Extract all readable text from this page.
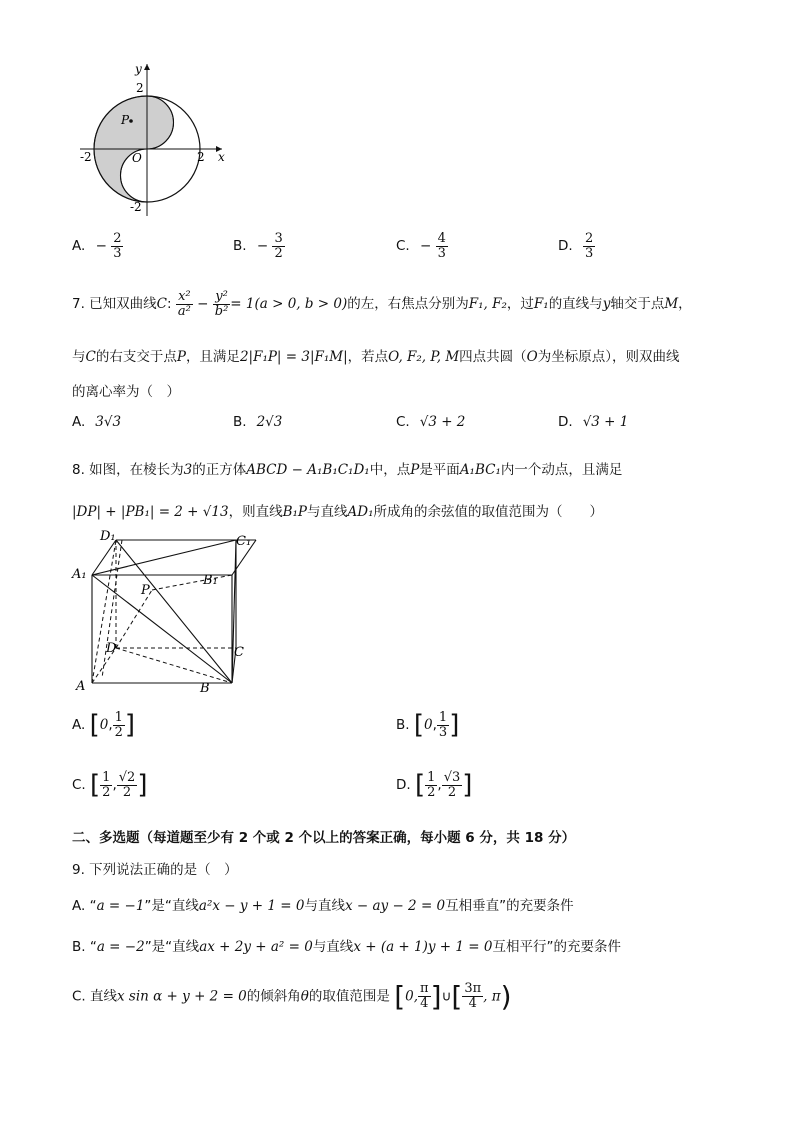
y
x
2
-2
-2	2
O
P
A. − $\frac{2}{3}$	B. − $\frac{3}{2}$	C. − $\frac{4}{3}$	D. $\frac{2}{3}$
7. 已知双曲线C: $\frac{\text{x²}}{\text{a²}} - \frac{\text{y²}}{\text{b²}} = 1(a > 0$, b > 0)的左，右焦点分别为F₁, F₂，过F₁的直线与y轴交于点M，
与C的右支交于点P，且满足2|F₁P| = 3|F₁M|，若点O, F₂, P, M四点共圆（O为坐标原点），则双曲线
的离心率为（　）
A. 3√3	B. 2√3	C. √3 + 2	D. √3 + 1
8. 如图，在棱长为3的正方体ABCD − A₁B₁C₁D₁中，点P是平面A₁BC₁内一个动点，且满足
|DP| + |PB₁| = 2 + √13，则直线B₁P与直线AD₁所成角的余弦值的取值范围为（　　）
D₁	C₁
A₁	B₁
P
D	C
A	B
A. [0, $\frac{1}{2}$ ]	B. [0, $\frac{1}{3}$ ]
C. [ $\frac{1}{2}$ , $\frac{√2}{2}$ ]	D. [ $\frac{1}{2}$ , $\frac{√3}{2}$ ]
二、多选题（每道题至少有 2 个或 2 个以上的答案正确，每小题 6 分，共 18 分）
9. 下列说法正确的是（　）
A. “a = −1”是“直线a²x − y + 1 = 0与直线x − ay − 2 = 0互相垂直”的充要条件
B. “a = −2”是“直线ax + 2y + a² = 0与直线x + (a + 1)y + 1 = 0互相平行”的充要条件
C. 直线x sin α + y + 2 = 0的倾斜角θ的取值范围是 [0, $\frac{\pi}{4}$ ]∪[ $\frac{3\pi}{4}$ , π)
